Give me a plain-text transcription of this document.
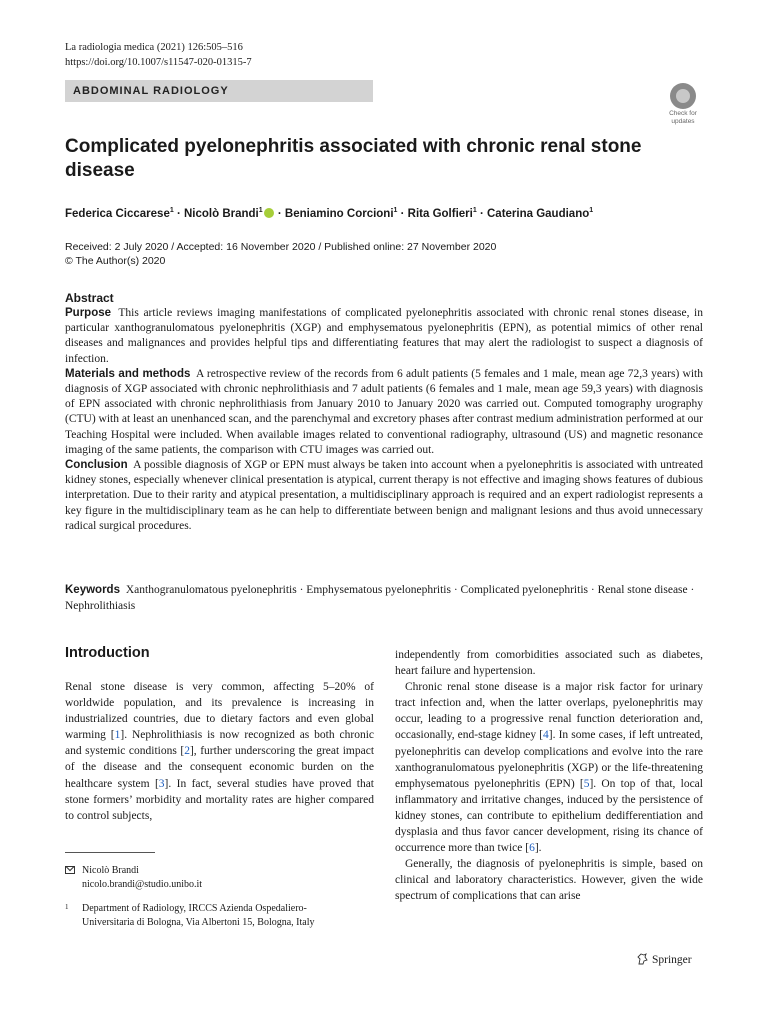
La radiologia medica (2021) 126:505–516
https://doi.org/10.1007/s11547-020-01315-7
ABDOMINAL RADIOLOGY
Check for
updates
Complicated pyelonephritis associated with chronic renal stone disease
Federica Ciccarese$^1$ · Nicolò Brandi$^1$ · Beniamino Corcioni$^1$ · Rita Golfieri$^1$ · Caterina Gaudiano$^1$
Received: 2 July 2020 / Accepted: 16 November 2020 / Published online: 27 November 2020
© The Author(s) 2020
Abstract

Purpose This article reviews imaging manifestations of complicated pyelonephritis associated with chronic renal stones disease, in particular xanthogranulomatous pyelonephritis (XGP) and emphysematous pyelonephritis (EPN), as potential mimics of other renal diseases and malignances and provides helpful tips and differentiating features that may alert the radiologist to suspect a diagnosis of infection.

Materials and methods A retrospective review of the records from 6 adult patients (5 females and 1 male, mean age 72,3 years) with diagnosis of XGP associated with chronic nephrolithiasis and 7 adult patients (6 females and 1 male, mean age 59,3 years) with diagnosis of EPN associated with chronic nephrolithiasis from January 2010 to January 2020 was carried out. Computed tomography urography (CTU) with at least an unenhanced scan, and the parenchymal and excretory phases after contrast medium administration performed at our Teaching Hospital were included. When available images related to conventional radiography, ultrasound (US) and magnetic resonance imaging of the same patients, the comparison with CTU images was carried out.

Conclusion A possible diagnosis of XGP or EPN must always be taken into account when a pyelonephritis is associated with untreated kidney stones, especially whenever clinical presentation is atypical, current therapy is not effective and imaging shows features of dubious interpretation. Due to their rarity and atypical presentation, a multidisciplinary approach is required and an expert radiologist represents a key figure in the multidisciplinary team as he can help to differentiate between benign and malignant lesions and thus avoid unnecessary radical surgical procedures.

Keywords Xanthogranulomatous pyelonephritis · Emphysematous pyelonephritis · Complicated pyelonephritis · Renal stone disease · Nephrolithiasis
Introduction

Renal stone disease is very common, affecting 5–20% of worldwide population, and its prevalence is increasing in industrialized countries, due to dietary factors and even global warming [1]. Nephrolithiasis is now recognized as both chronic and systemic conditions [2], further underscoring the great impact of the disease and the consequent economic burden on the healthcare system [3]. In fact, several studies have proved that stone formers’ morbidity and mortality rates are higher compared to control subjects,

independently from comorbidities associated such as diabetes, heart failure and hypertension.

Chronic renal stone disease is a major risk factor for urinary tract infection and, when the latter overlaps, pyelonephritis may occur, leading to a progressive renal function deterioration and, occasionally, end-stage kidney [4]. In some cases, if left untreated, pyelonephritis can develop complications and evolve into the rare xanthogranulomatous pyelonephritis (XGP) or the life-threatening emphysematous pyelonephritis (EPN) [5]. On top of that, local inflammatory and irritative changes, induced by the persistence of kidney stones, can contribute to epithelium dedifferentiation and dysplasia and thus favor cancer development, rising its chance of occurrence more than twice [6].

Generally, the diagnosis of pyelonephritis is simple, based on clinical and laboratory characteristics. However, given the wide spectrum of complications that can arise

Nicolò Brandi
nicolo.brandi@studio.unibo.it
1	Department of Radiology, IRCCS Azienda Ospedaliero-
Universitaria di Bologna, Via Albertoni 15, Bologna, Italy
Springer
